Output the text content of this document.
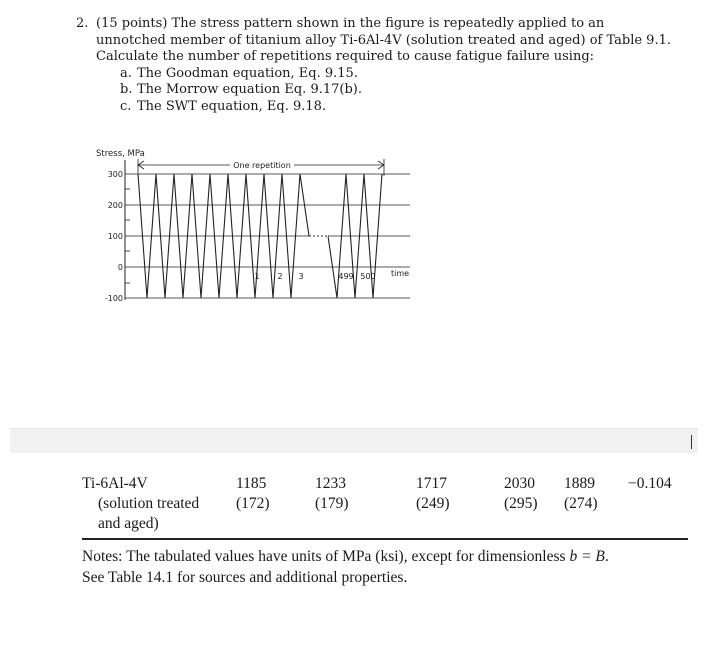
2. (15 points) The stress pattern shown in the figure is repeatedly applied to an
unnotched member of titanium alloy Ti-6Al-4V (solution treated and aged) of Table 9.1.
Calculate the number of repetitions required to cause fatigue failure using:
a. The Goodman equation, Eq. 9.15.
b. The Morrow equation Eq. 9.17(b).
c. The SWT equation, Eq. 9.18.
Stress, MPa
300
200
100
0
-100
One repetition
1 2 3	499 500 time
Ti-6Al-4V
(solution treated
and aged)
1185
(172)
1233
(179)
1717
(249)
2030
(295)
1889
(274)
−0.104
Notes: The tabulated values have units of MPa (ksi), except for dimensionless b = B.
See Table 14.1 for sources and additional properties.
